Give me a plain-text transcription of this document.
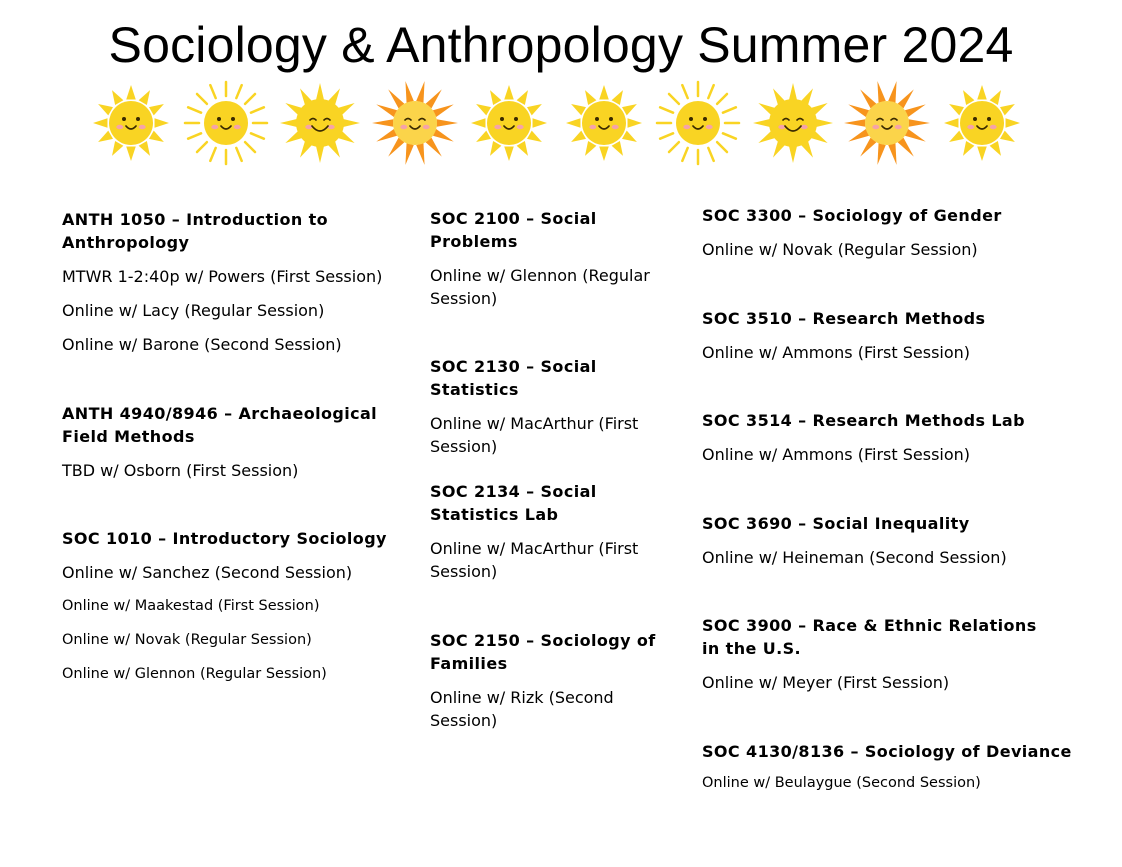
Sociology & Anthropology Summer 2024
ANTH 1050 – Introduction to Anthropology
MTWR 1-2:40p w/ Powers (First Session)
Online w/ Lacy (Regular Session)
Online w/ Barone (Second Session)
ANTH 4940/8946 – Archaeological Field Methods
TBD w/ Osborn (First Session)
SOC 1010 – Introductory Sociology
Online w/ Sanchez (Second Session)
Online w/ Maakestad (First Session)
Online w/ Novak (Regular Session)
Online w/ Glennon (Regular Session)
SOC 2100 – Social Problems
Online w/ Glennon (Regular Session)
SOC 2130 – Social Statistics
Online w/ MacArthur (First Session)
SOC 2134 – Social Statistics Lab
Online w/ MacArthur (First Session)
SOC 2150 – Sociology of Families
Online w/ Rizk (Second Session)
SOC 3300 – Sociology of Gender
Online w/ Novak (Regular Session)
SOC 3510 – Research Methods
Online w/ Ammons (First Session)
SOC 3514 – Research Methods Lab
Online w/ Ammons (First Session)
SOC 3690 – Social Inequality
Online w/ Heineman (Second Session)
SOC 3900 – Race & Ethnic Relations in the U.S.
Online w/ Meyer (First Session)
SOC 4130/8136 – Sociology of Deviance
Online w/ Beulaygue (Second Session)
